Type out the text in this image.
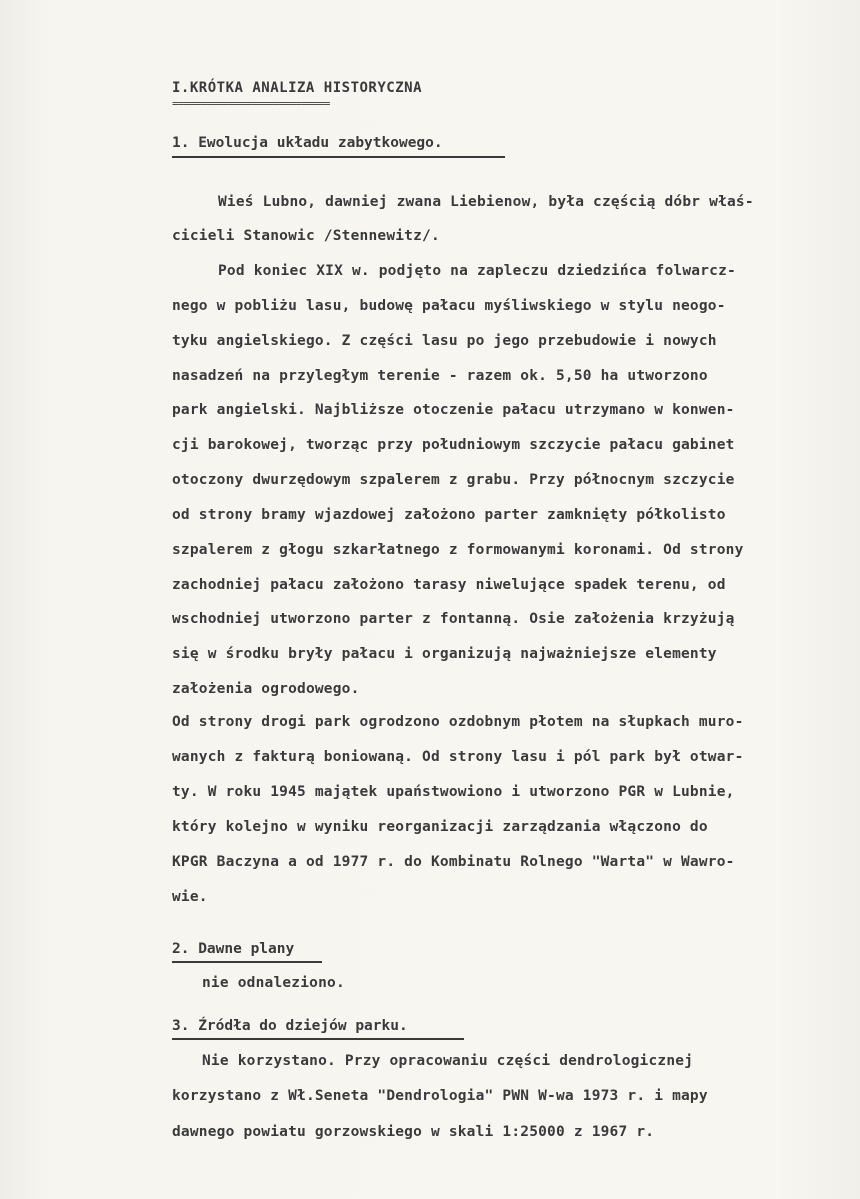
I.KRÓTKA ANALIZA HISTORYCZNA
============================
1. Ewolucja układu zabytkowego.
Wieś Lubno, dawniej zwana Liebienow, była częścią dóbr właś-
cicieli Stanowic /Stennewitz/.
Pod koniec XIX w. podjęto na zapleczu dziedzińca folwarcz-
nego w pobliżu lasu, budowę pałacu myśliwskiego w stylu neogo-
tyku angielskiego. Z części lasu po jego przebudowie i nowych
nasadzeń na przyległym terenie - razem ok. 5,50 ha utworzono
park angielski. Najbliższe otoczenie pałacu utrzymano w konwen-
cji barokowej, tworząc przy południowym szczycie pałacu gabinet
otoczony dwurzędowym szpalerem z grabu. Przy północnym szczycie
od strony bramy wjazdowej założono parter zamknięty półkolisto
szpalerem z głogu szkarłatnego z formowanymi koronami. Od strony
zachodniej pałacu założono tarasy niwelujące spadek terenu, od
wschodniej utworzono parter z fontanną. Osie założenia krzyżują
się w środku bryły pałacu i organizują najważniejsze elementy
założenia ogrodowego.
Od strony drogi park ogrodzono ozdobnym płotem na słupkach muro-
wanych z fakturą boniowaną. Od strony lasu i pól park był otwar-
ty. W roku 1945 majątek upaństwowiono i utworzono PGR w Lubnie,
który kolejno w wyniku reorganizacji zarządzania włączono do
KPGR Baczyna a od 1977 r. do Kombinatu Rolnego "Warta" w Wawro-
wie.
2. Dawne plany
nie odnaleziono.
3. Źródła do dziejów parku.
Nie korzystano. Przy opracowaniu części dendrologicznej
korzystano z Wł.Seneta "Dendrologia" PWN W-wa 1973 r. i mapy
dawnego powiatu gorzowskiego w skali 1:25000 z 1967 r.
